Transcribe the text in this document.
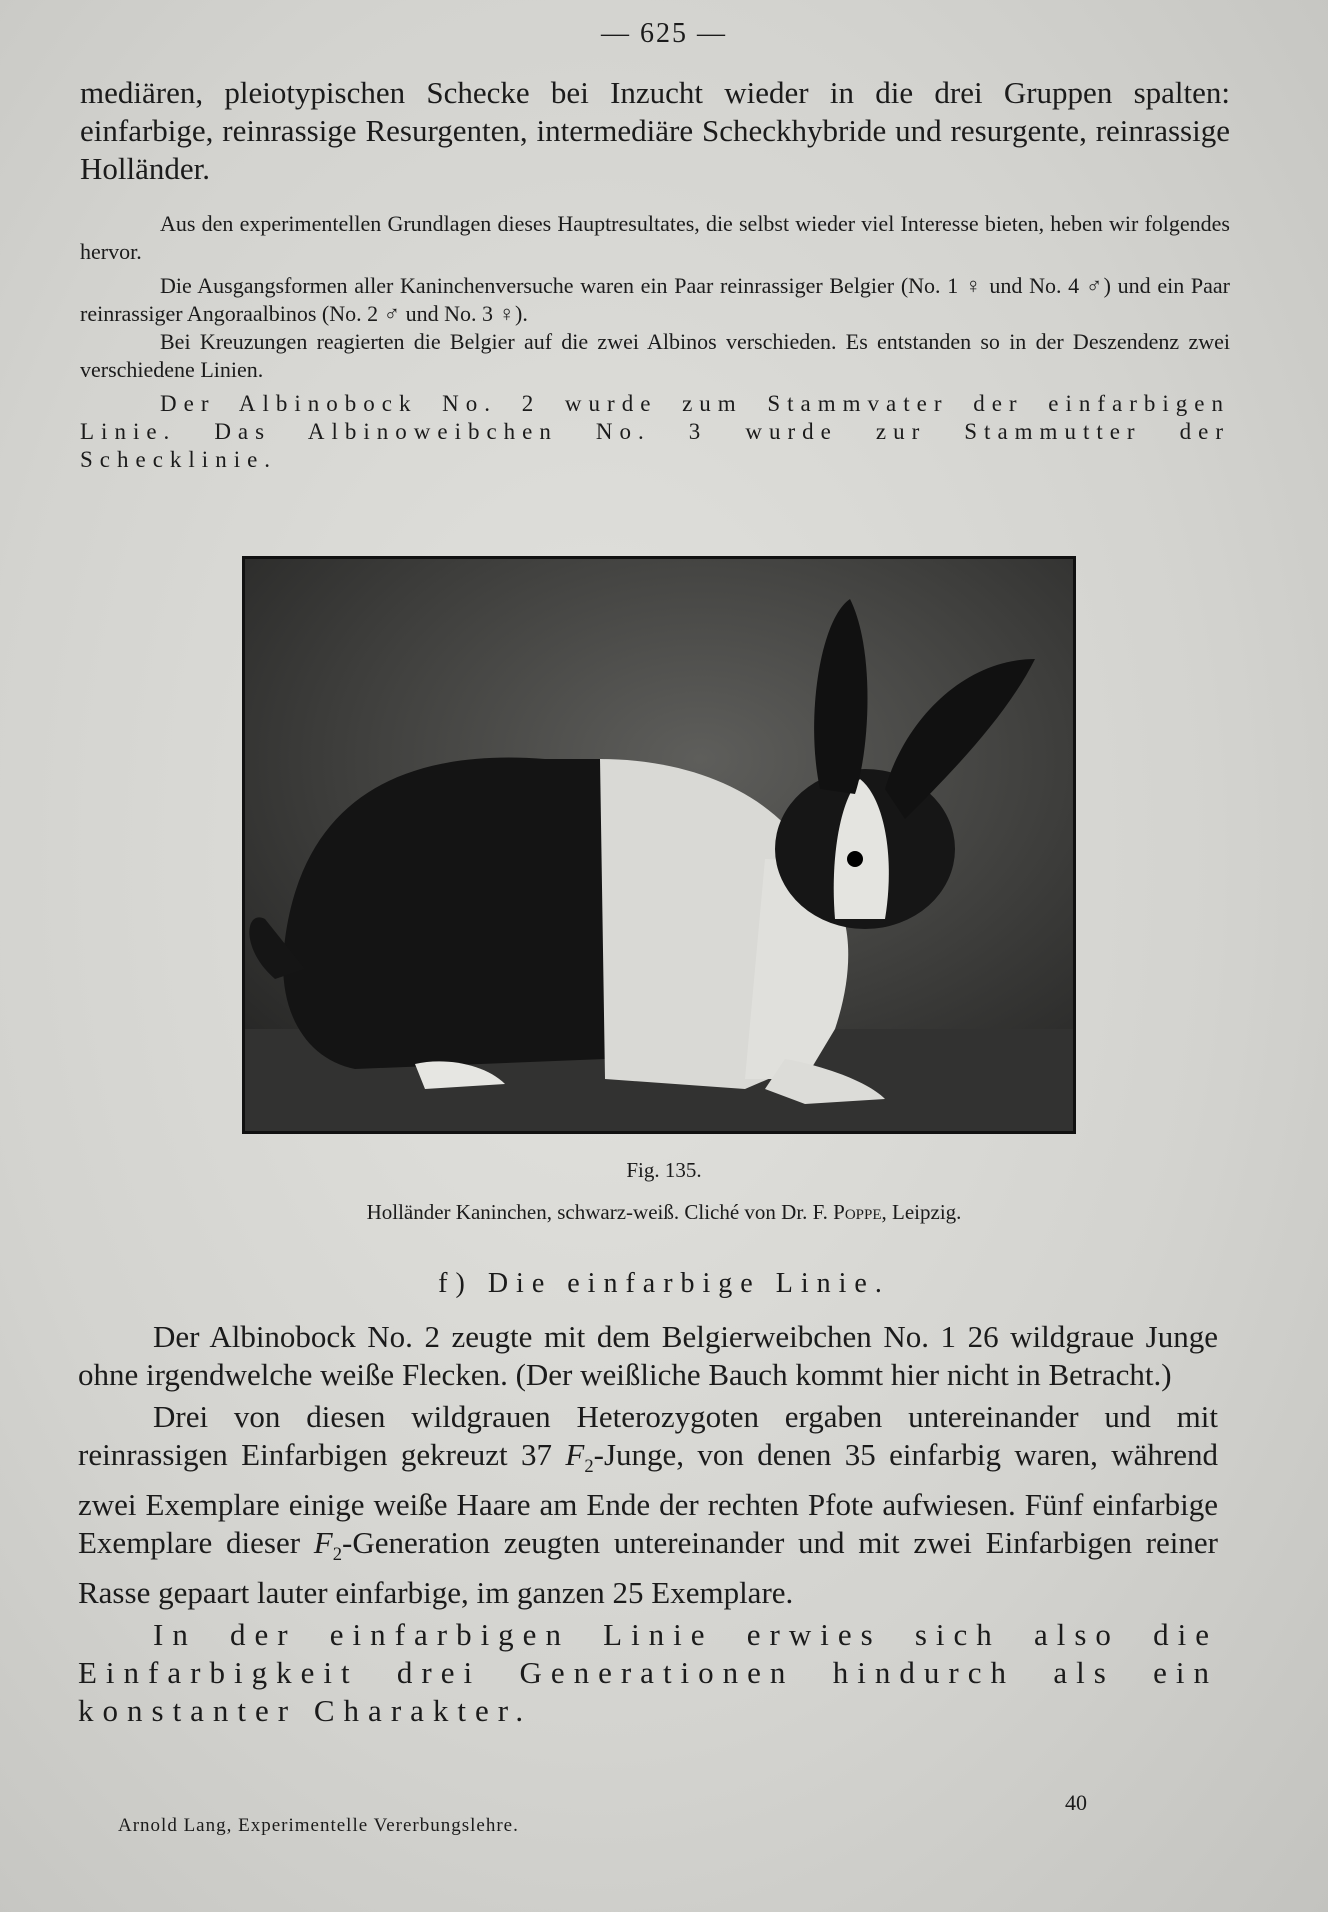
— 625 —

mediären, pleiotypischen Schecke bei Inzucht wieder in die drei Gruppen spalten: einfarbige, reinrassige Resurgenten, intermediäre Scheckhybride und resurgente, reinrassige Holländer.

Aus den experimentellen Grundlagen dieses Hauptresultates, die selbst wieder viel Interesse bieten, heben wir folgendes hervor.

Die Ausgangsformen aller Kaninchenversuche waren ein Paar reinrassiger Belgier (No. 1 ♀ und No. 4 ♂) und ein Paar reinrassiger Angoraalbinos (No. 2 ♂ und No. 3 ♀).

Bei Kreuzungen reagierten die Belgier auf die zwei Albinos verschieden. Es entstanden so in der Deszendenz zwei verschiedene Linien.

Der Albinobock No. 2 wurde zum Stammvater der einfarbigen Linie. Das Albinoweibchen No. 3 wurde zur Stammutter der Schecklinie.

Fig. 135.
Holländer Kaninchen, schwarz-weiß. Cliché von Dr. F. Poppe, Leipzig.
f) Die einfarbige Linie.

Der Albinobock No. 2 zeugte mit dem Belgierweibchen No. 1 26 wildgraue Junge ohne irgendwelche weiße Flecken. (Der weißliche Bauch kommt hier nicht in Betracht.)

Drei von diesen wildgrauen Heterozygoten ergaben untereinander und mit reinrassigen Einfarbigen gekreuzt 37 $F_2$-Junge, von denen 35 einfarbig waren, während zwei Exemplare einige weiße Haare am Ende der rechten Pfote aufwiesen. Fünf einfarbige Exemplare dieser $F_2$-Generation zeugten untereinander und mit zwei Einfarbigen reiner Rasse gepaart lauter einfarbige, im ganzen 25 Exemplare.

In der einfarbigen Linie erwies sich also die Einfarbigkeit drei Generationen hindurch als ein konstanter Charakter.

40
Arnold Lang, Experimentelle Vererbungslehre.
